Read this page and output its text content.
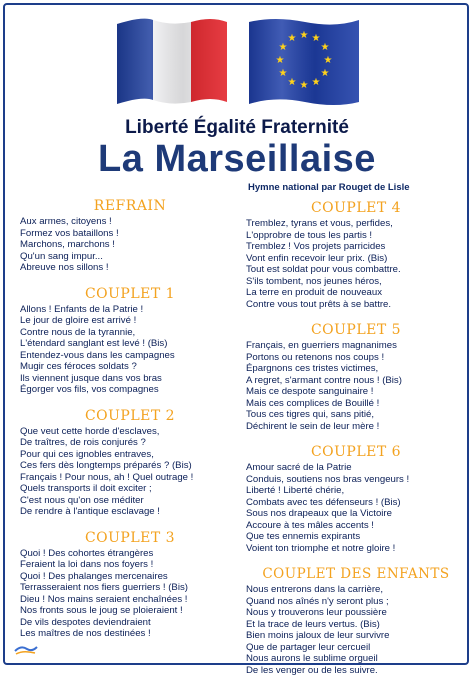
★ ★
★
★
★
★
★
★
★
★
★
★
Liberté Égalité Fraternité
La Marseillaise
Hymne national par Rouget de Lisle
REFRAIN
Aux armes, citoyens !
Formez vos bataillons !
Marchons, marchons !
Qu'un sang impur...
Abreuve nos sillons !
COUPLET 1
Allons ! Enfants de la Patrie !
Le jour de gloire est arrivé !
Contre nous de la tyrannie,
L'étendard sanglant est levé ! (Bis)
Entendez-vous dans les campagnes
Mugir ces féroces soldats ?
Ils viennent jusque dans vos bras
Égorger vos fils, vos compagnes
COUPLET 2
Que veut cette horde d'esclaves,
De traîtres, de rois conjurés ?
Pour qui ces ignobles entraves,
Ces fers dès longtemps préparés ? (Bis)
Français ! Pour nous, ah ! Quel outrage !
Quels transports il doit exciter ;
C'est nous qu'on ose méditer
De rendre à l'antique esclavage !
COUPLET 3
Quoi ! Des cohortes étrangères
Feraient la loi dans nos foyers !
Quoi ! Des phalanges mercenaires
Terrasseraient nos fiers guerriers ! (Bis)
Dieu ! Nos mains seraient enchaînées !
Nos fronts sous le joug se ploieraient !
De vils despotes deviendraient
Les maîtres de nos destinées !
COUPLET 4
Tremblez, tyrans et vous, perfides,
L'opprobre de tous les partis !
Tremblez ! Vos projets parricides
Vont enfin recevoir leur prix. (Bis)
Tout est soldat pour vous combattre.
S'ils tombent, nos jeunes héros,
La terre en produit de nouveaux
Contre vous tout prêts à se battre.
COUPLET 5
Français, en guerriers magnanimes
Portons ou retenons nos coups !
Épargnons ces tristes victimes,
A regret, s'armant contre nous ! (Bis)
Mais ce despote sanguinaire !
Mais ces complices de Bouillé !
Tous ces tigres qui, sans pitié,
Déchirent le sein de leur mère !
COUPLET 6
Amour sacré de la Patrie
Conduis, soutiens nos bras vengeurs !
Liberté ! Liberté chérie,
Combats avec tes défenseurs ! (Bis)
Sous nos drapeaux que la Victoire
Accoure à tes mâles accents !
Que tes ennemis expirants
Voient ton triomphe et notre gloire !
COUPLET DES ENFANTS
Nous entrerons dans la carrière,
Quand nos aînés n'y seront plus ;
Nous y trouverons leur poussière
Et la trace de leurs vertus. (Bis)
Bien moins jaloux de leur survivre
Que de partager leur cercueil
Nous aurons le sublime orgueil
De les venger ou de les suivre.
